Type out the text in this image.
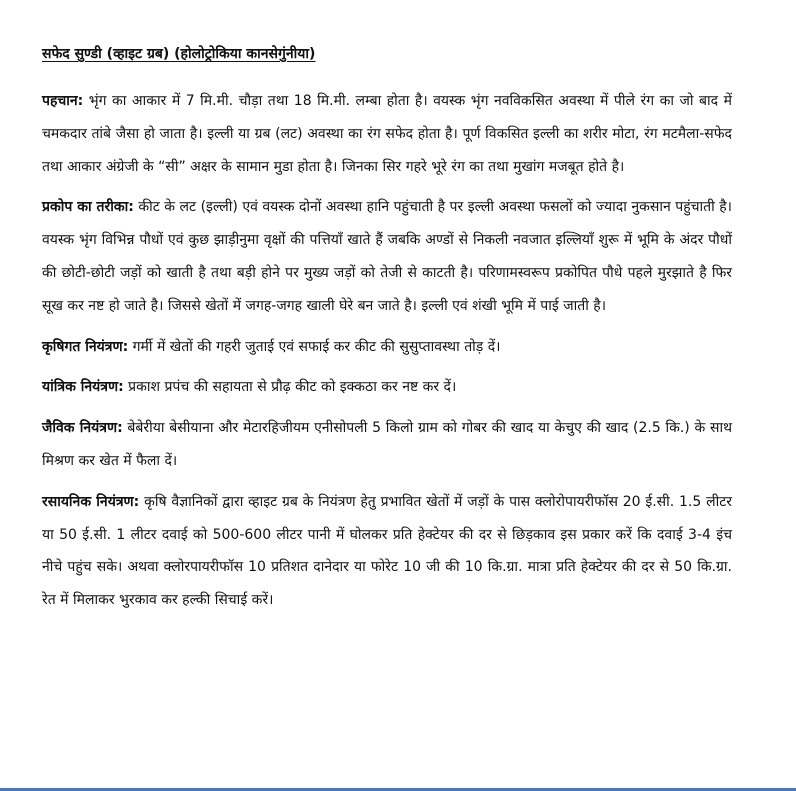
सफेद सुण्डी (व्हाइट ग्रब) (होलोट्रोकिया कानसेगुंनीया)

पहचान: भृंग का आकार में 7 मि.मी. चौड़ा तथा 18 मि.मी. लम्बा होता है। वयस्क भृंग नवविकसित अवस्था में पीले रंग का जो बाद में चमकदार तांबे जैसा हो जाता है। इल्ली या ग्रब (लट) अवस्था का रंग सफेद होता है। पूर्ण विकसित इल्ली का शरीर मोटा, रंग मटमैला-सफेद तथा आकार अंग्रेजी के “सी” अक्षर के सामान मुडा होता है। जिनका सिर गहरे भूरे रंग का तथा मुखांग मजबूत होते है।

प्रकोप का तरीका: कीट के लट (इल्ली) एवं वयस्क दोनों अवस्था हानि पहुंचाती है पर इल्ली अवस्था फसलों को ज्यादा नुकसान पहुंचाती है। वयस्क भृंग विभिन्न पौधों एवं कुछ झाड़ीनुमा वृक्षों की पत्तियाँ खाते हैं जबकि अण्डों से निकली नवजात इल्लियाँ शुरू में भूमि के अंदर पौधों की छोटी-छोटी जड़ों को खाती है तथा बड़ी होने पर मुख्य जड़ों को तेजी से काटती है। परिणामस्वरूप प्रकोपित पौधे पहले मुरझाते है फिर सूख कर नष्ट हो जाते है। जिससे खेतों में जगह-जगह खाली घेरे बन जाते है। इल्ली एवं शंखी भूमि में पाई जाती है।

कृषिगत नियंत्रण: गर्मी में खेतों की गहरी जुताई एवं सफाई कर कीट की सुसुप्तावस्था तोड़ दें।

यांत्रिक नियंत्रण: प्रकाश प्रपंच की सहायता से प्रौढ़ कीट को इक्कठा कर नष्ट कर दें।

जैविक नियंत्रण: बेबेरीया बेसीयाना और मेटारहिजीयम एनीसोपली 5 किलो ग्राम को गोबर की खाद या केचुए की खाद (2.5 कि.) के साथ मिश्रण कर खेत में फैला दें।

रसायनिक नियंत्रण: कृषि वैज्ञानिकों द्वारा व्हाइट ग्रब के नियंत्रण हेतु प्रभावित खेतों में जड़ों के पास क्लोरोपायरीफॉस 20 ई.सी. 1.5 लीटर या 50 ई.सी. 1 लीटर दवाई को 500-600 लीटर पानी में घोलकर प्रति हेक्टेयर की दर से छिड़काव इस प्रकार करें कि दवाई 3-4 इंच नीचे पहुंच सके। अथवा क्लोरपायरीफॉस 10 प्रतिशत दानेदार या फोरेट 10 जी की 10 कि.ग्रा. मात्रा प्रति हेक्टेयर की दर से 50 कि.ग्रा. रेत में मिलाकर भुरकाव कर हल्की सिचाई करें।
